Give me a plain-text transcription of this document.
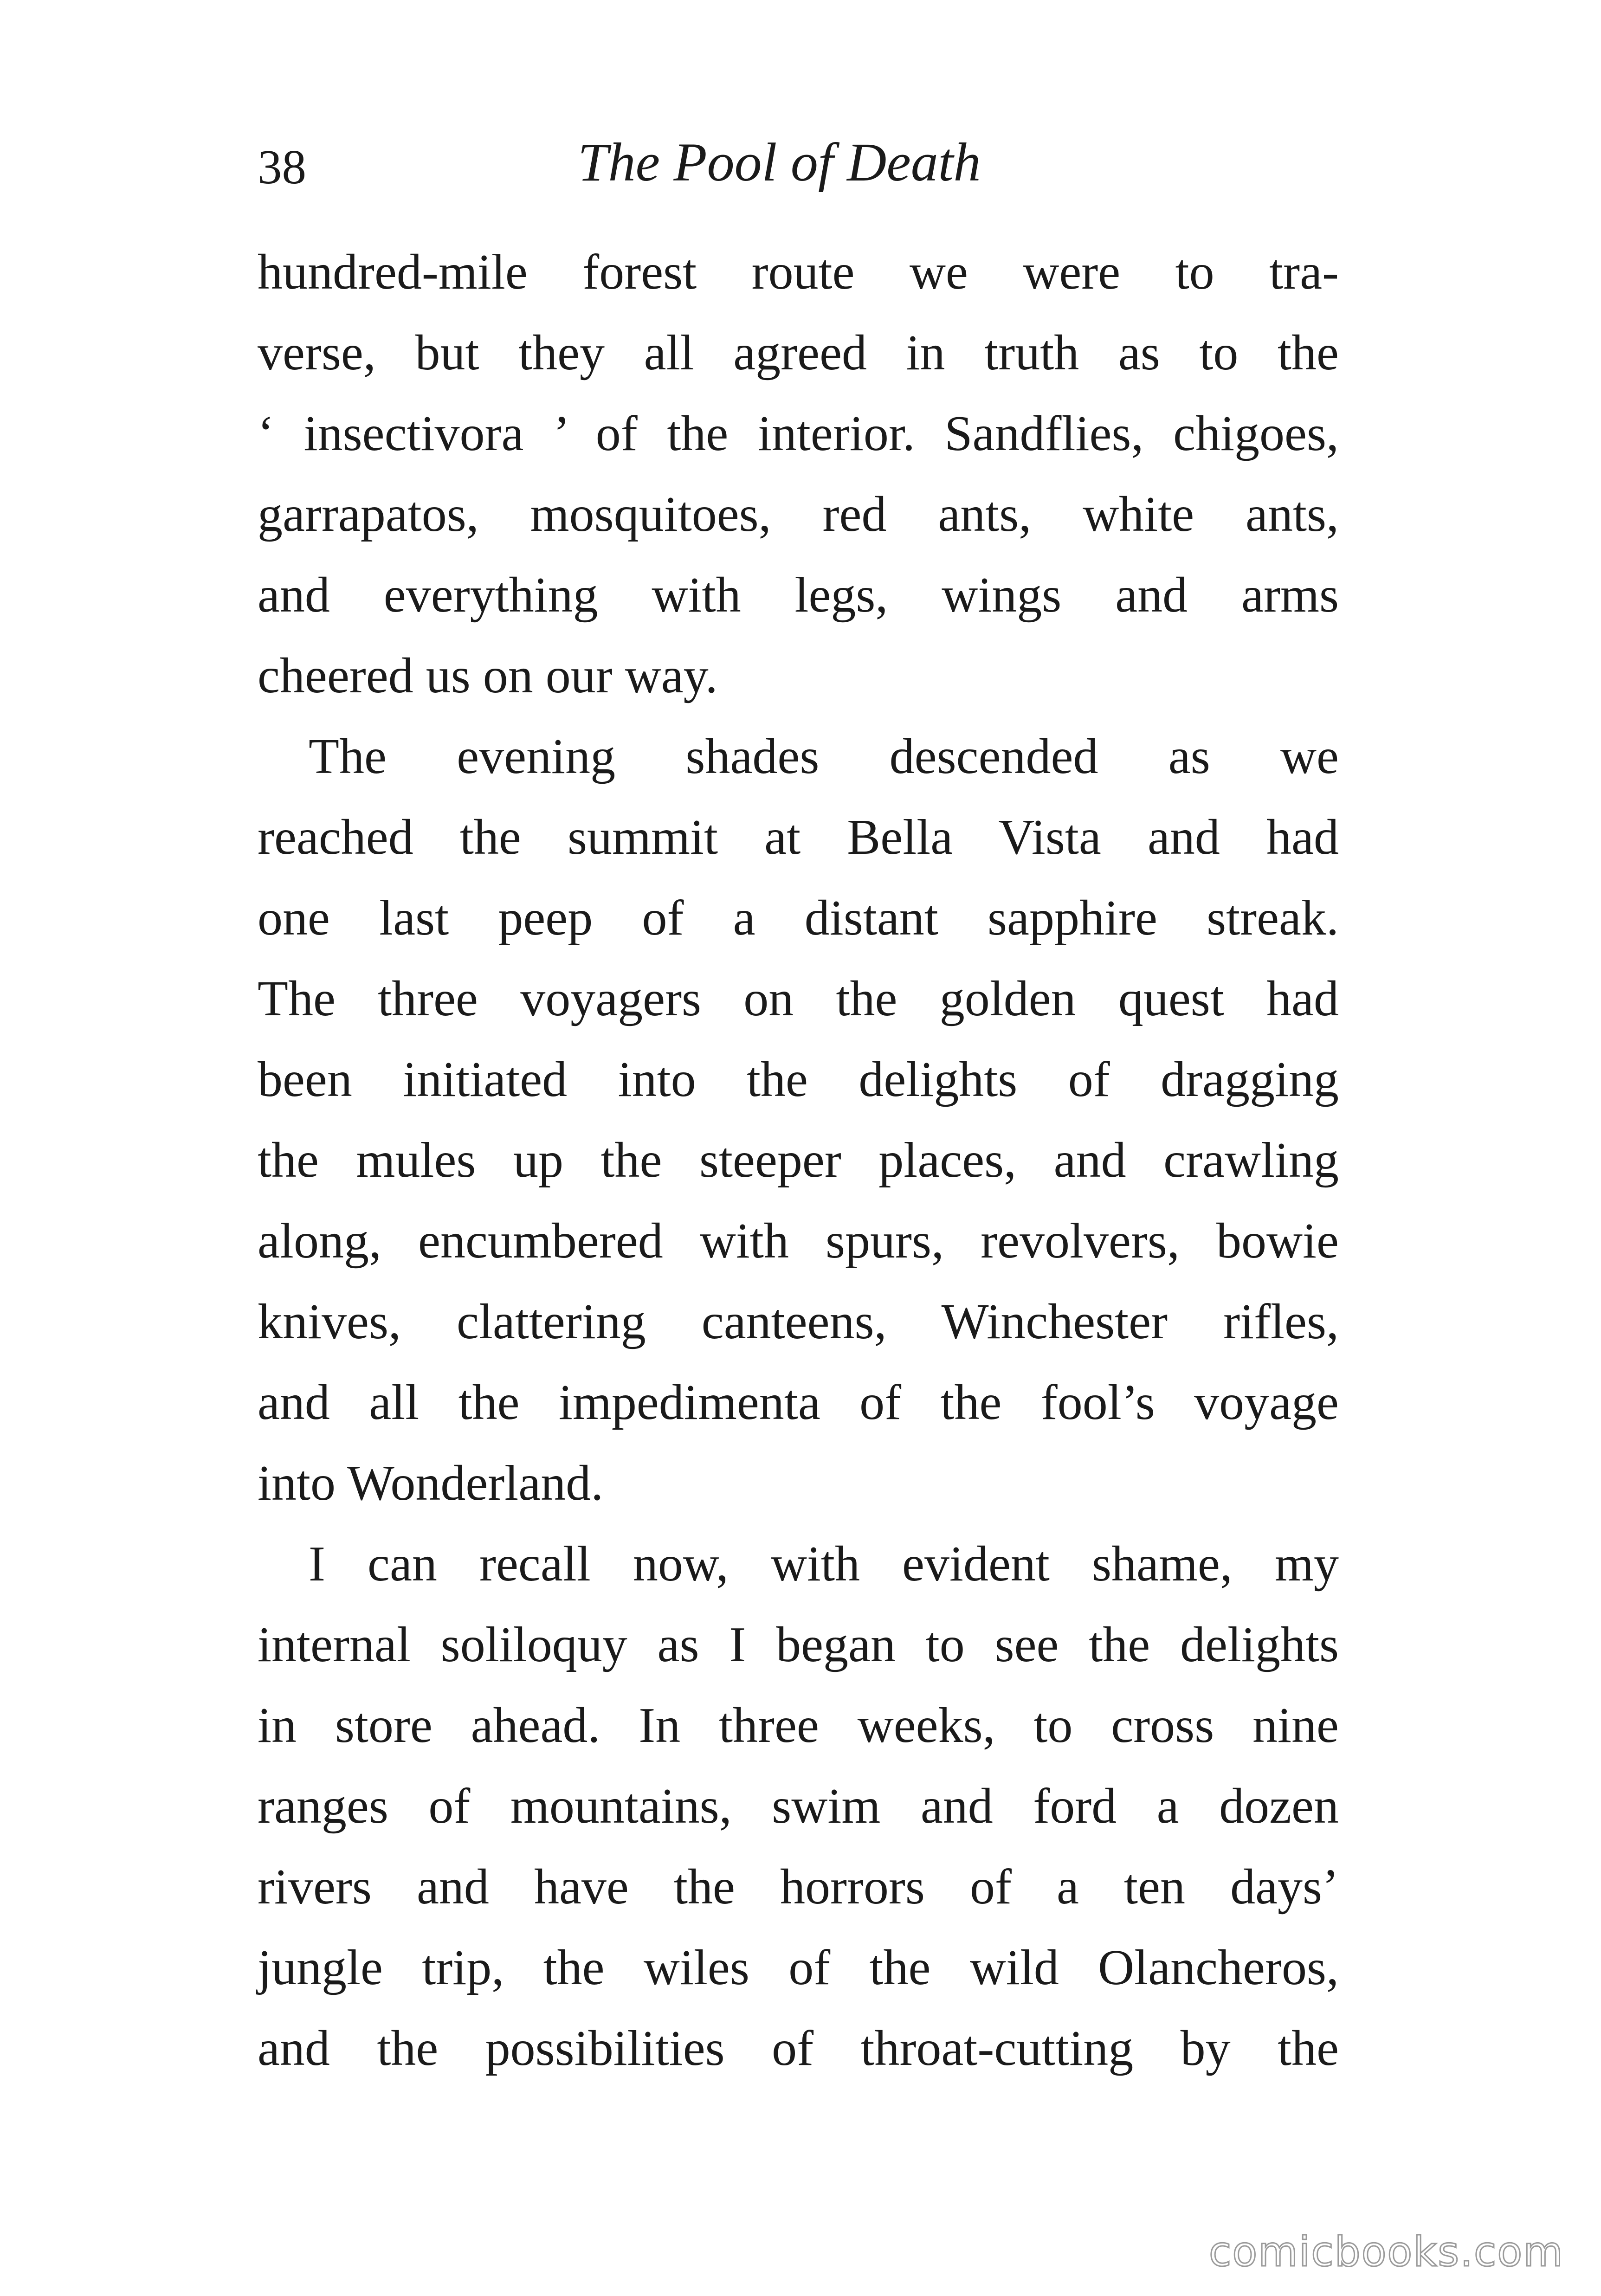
38	The Pool of Death
hundred-mile forest route we were to tra-
verse, but they all agreed in truth as to the
‘ insectivora ’ of the interior. Sandflies, chigoes,
garrapatos, mosquitoes, red ants, white ants,
and everything with legs, wings and arms
cheered us on our way.
The evening shades descended as we
reached the summit at Bella Vista and had
one last peep of a distant sapphire streak.
The three voyagers on the golden quest had
been initiated into the delights of dragging
the mules up the steeper places, and crawling
along, encumbered with spurs, revolvers, bowie
knives, clattering canteens, Winchester rifles,
and all the impedimenta of the fool’s voyage
into Wonderland.
I can recall now, with evident shame, my
internal soliloquy as I began to see the delights
in store ahead. In three weeks, to cross nine
ranges of mountains, swim and ford a dozen
rivers and have the horrors of a ten days’
jungle trip, the wiles of the wild Olancheros,
and the possibilities of throat-cutting by the
comicbooks.com
